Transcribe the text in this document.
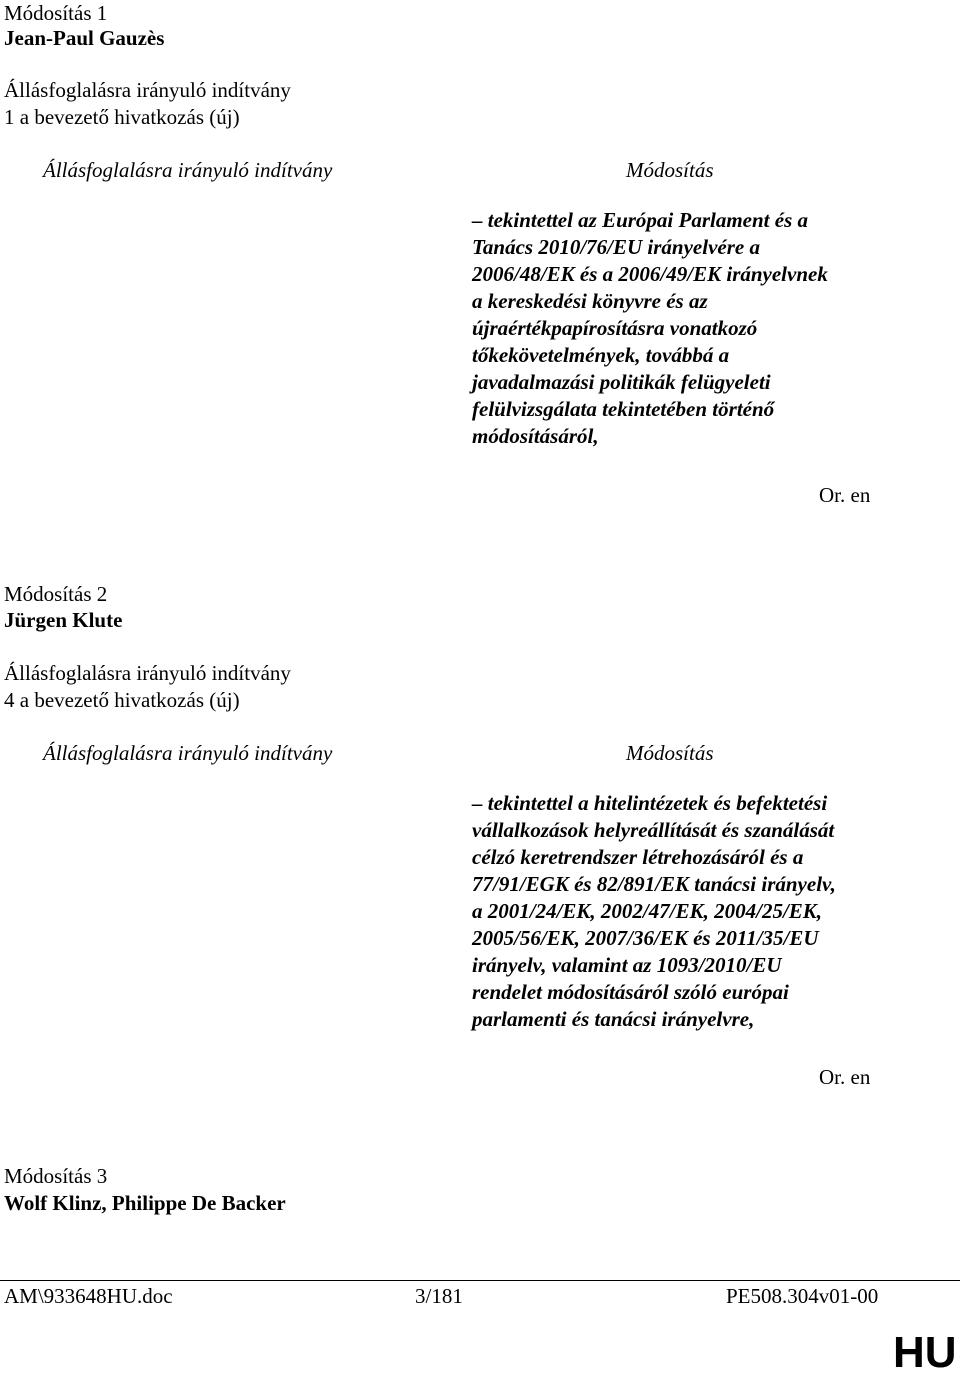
Módosítás 1
Jean-Paul Gauzès
Állásfoglalásra irányuló indítvány
1 a bevezető hivatkozás (új)
Állásfoglalásra irányuló indítvány	Módosítás
– tekintettel az Európai Parlament és a
Tanács 2010/76/EU irányelvére a
2006/48/EK és a 2006/49/EK irányelvnek
a kereskedési könyvre és az
újraértékpapírosításra vonatkozó
tőkekövetelmények, továbbá a
javadalmazási politikák felügyeleti
felülvizsgálata tekintetében történő
módosításáról,
Or. en
Módosítás 2
Jürgen Klute
Állásfoglalásra irányuló indítvány
4 a bevezető hivatkozás (új)
Állásfoglalásra irányuló indítvány	Módosítás
– tekintettel a hitelintézetek és befektetési
vállalkozások helyreállítását és szanálását
célzó keretrendszer létrehozásáról és a
77/91/EGK és 82/891/EK tanácsi irányelv,
a 2001/24/EK, 2002/47/EK, 2004/25/EK,
2005/56/EK, 2007/36/EK és 2011/35/EU
irányelv, valamint az 1093/2010/EU
rendelet módosításáról szóló európai
parlamenti és tanácsi irányelvre,
Or. en
Módosítás 3
Wolf Klinz, Philippe De Backer
AM\933648HU.doc	3/181	PE508.304v01-00
HU
